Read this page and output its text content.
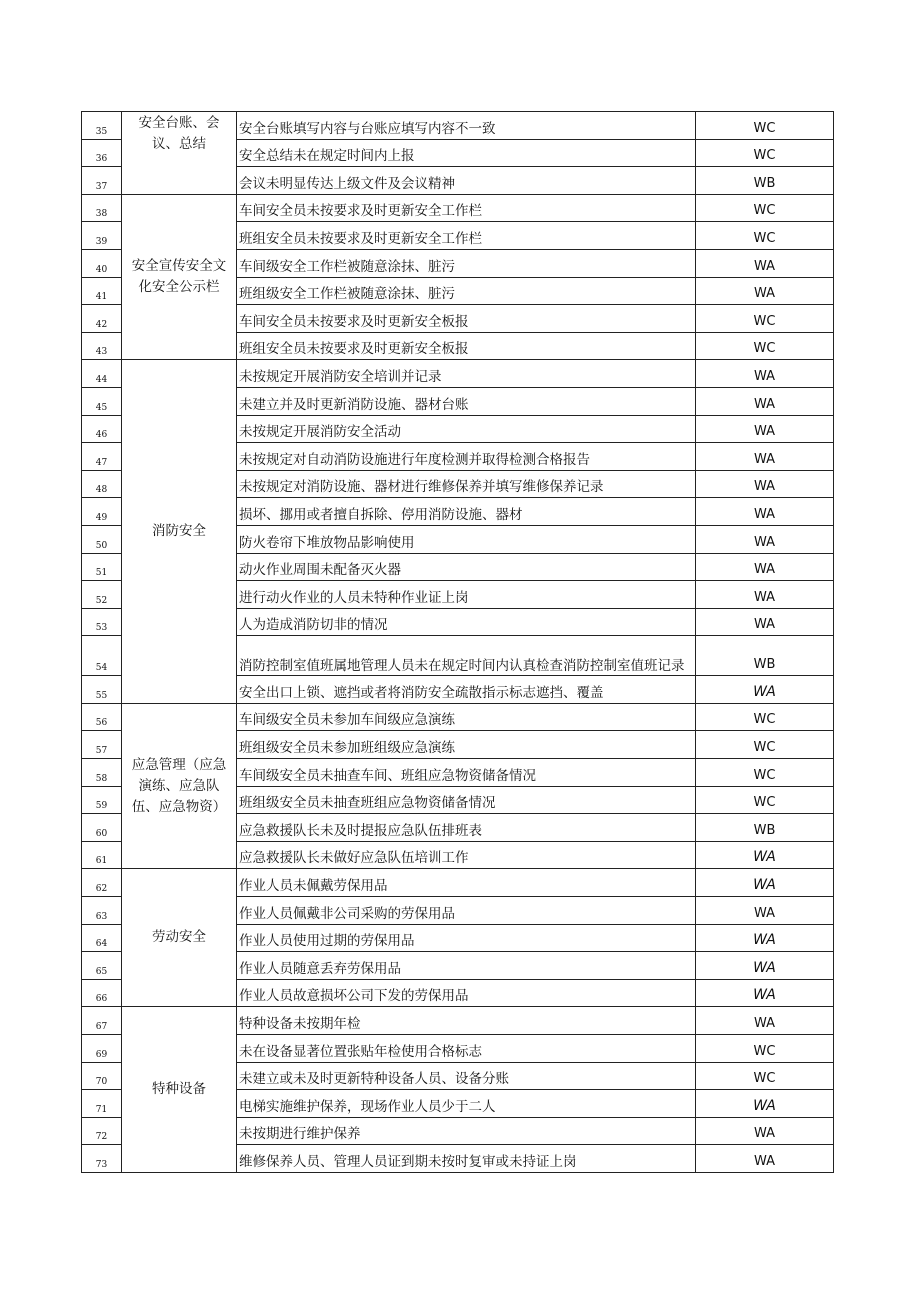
35	安全台账、会议、总结	安全台账填写内容与台账应填写内容不一致	WC
36		安全总结未在规定时间内上报	WC
37		会议未明显传达上级文件及会议精神	WB
38	安全宣传安全文化安全公示栏	车间安全员未按要求及时更新安全工作栏	WC
39		班组安全员未按要求及时更新安全工作栏	WC
40		车间级安全工作栏被随意涂抹、脏污	WA
41		班组级安全工作栏被随意涂抹、脏污	WA
42		车间安全员未按要求及时更新安全板报	WC
43		班组安全员未按要求及时更新安全板报	WC
44	消防安全	未按规定开展消防安全培训并记录	WA
45		未建立并及时更新消防设施、器材台账	WA
46		未按规定开展消防安全活动	WA
47		未按规定对自动消防设施进行年度检测并取得检测合格报告	WA
48		未按规定对消防设施、器材进行维修保养并填写维修保养记录	WA
49		损坏、挪用或者擅自拆除、停用消防设施、器材	WA
50		防火卷帘下堆放物品影响使用	WA
51		动火作业周围未配备灭火器	WA
52		进行动火作业的人员未特种作业证上岗	WA
53		人为造成消防切非的情况	WA
54		消防控制室值班属地管理人员未在规定时间内认真检查消防控制室值班记录	WB
55		安全出口上锁、遮挡或者将消防安全疏散指示标志遮挡、覆盖	WA
56	应急管理（应急演练、应急队伍、应急物资）	车间级安全员未参加车间级应急演练	WC
57		班组级安全员未参加班组级应急演练	WC
58		车间级安全员未抽查车间、班组应急物资储备情况	WC
59		班组级安全员未抽查班组应急物资储备情况	WC
60		应急救援队长未及时提报应急队伍排班表	WB
61		应急救援队长未做好应急队伍培训工作	WA
62	劳动安全	作业人员未佩戴劳保用品	WA
63		作业人员佩戴非公司采购的劳保用品	WA
64		作业人员使用过期的劳保用品	WA
65		作业人员随意丢弃劳保用品	WA
66		作业人员故意损坏公司下发的劳保用品	WA
67	特种设备	特种设备未按期年检	WA
69		未在设备显著位置张贴年检使用合格标志	WC
70		未建立或未及时更新特种设备人员、设备分账	WC
71		电梯实施维护保养，现场作业人员少于二人	WA
72		未按期进行维护保养	WA
73		维修保养人员、管理人员证到期未按时复审或未持证上岗	WA
